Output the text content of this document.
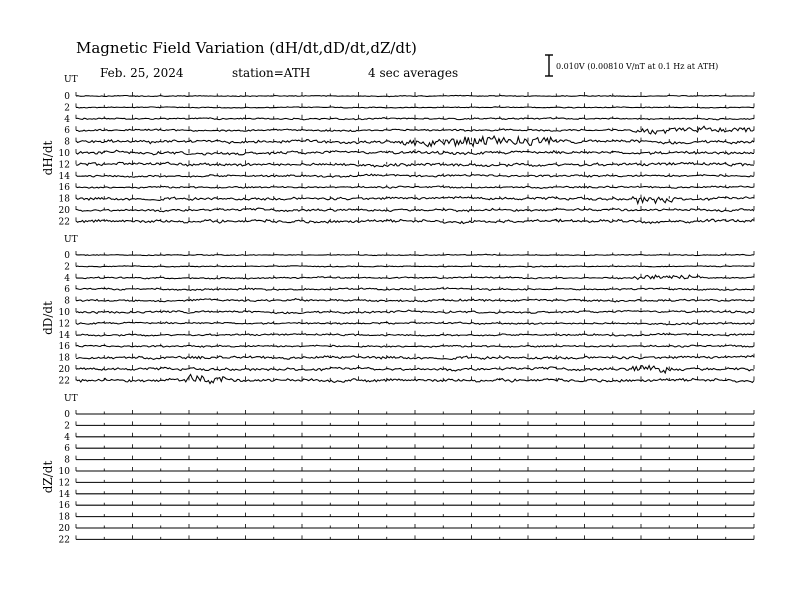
Magnetic Field Variation (dH/dt,dD/dt,dZ/dt)
Feb. 25, 2024	station=ATH	4 sec averages	0.010V (0.00810 V/nT at 0.1 Hz at ATH)
UT
dH/dt
0
2
4
6
8
10
12
14
16
18
20
22
UT
dD/dt
0
2
4
6
8
10
12
14
16
18
20
22
UT
dZ/dt
0
2
4
6
8
10
12
14
16
18
20
22
